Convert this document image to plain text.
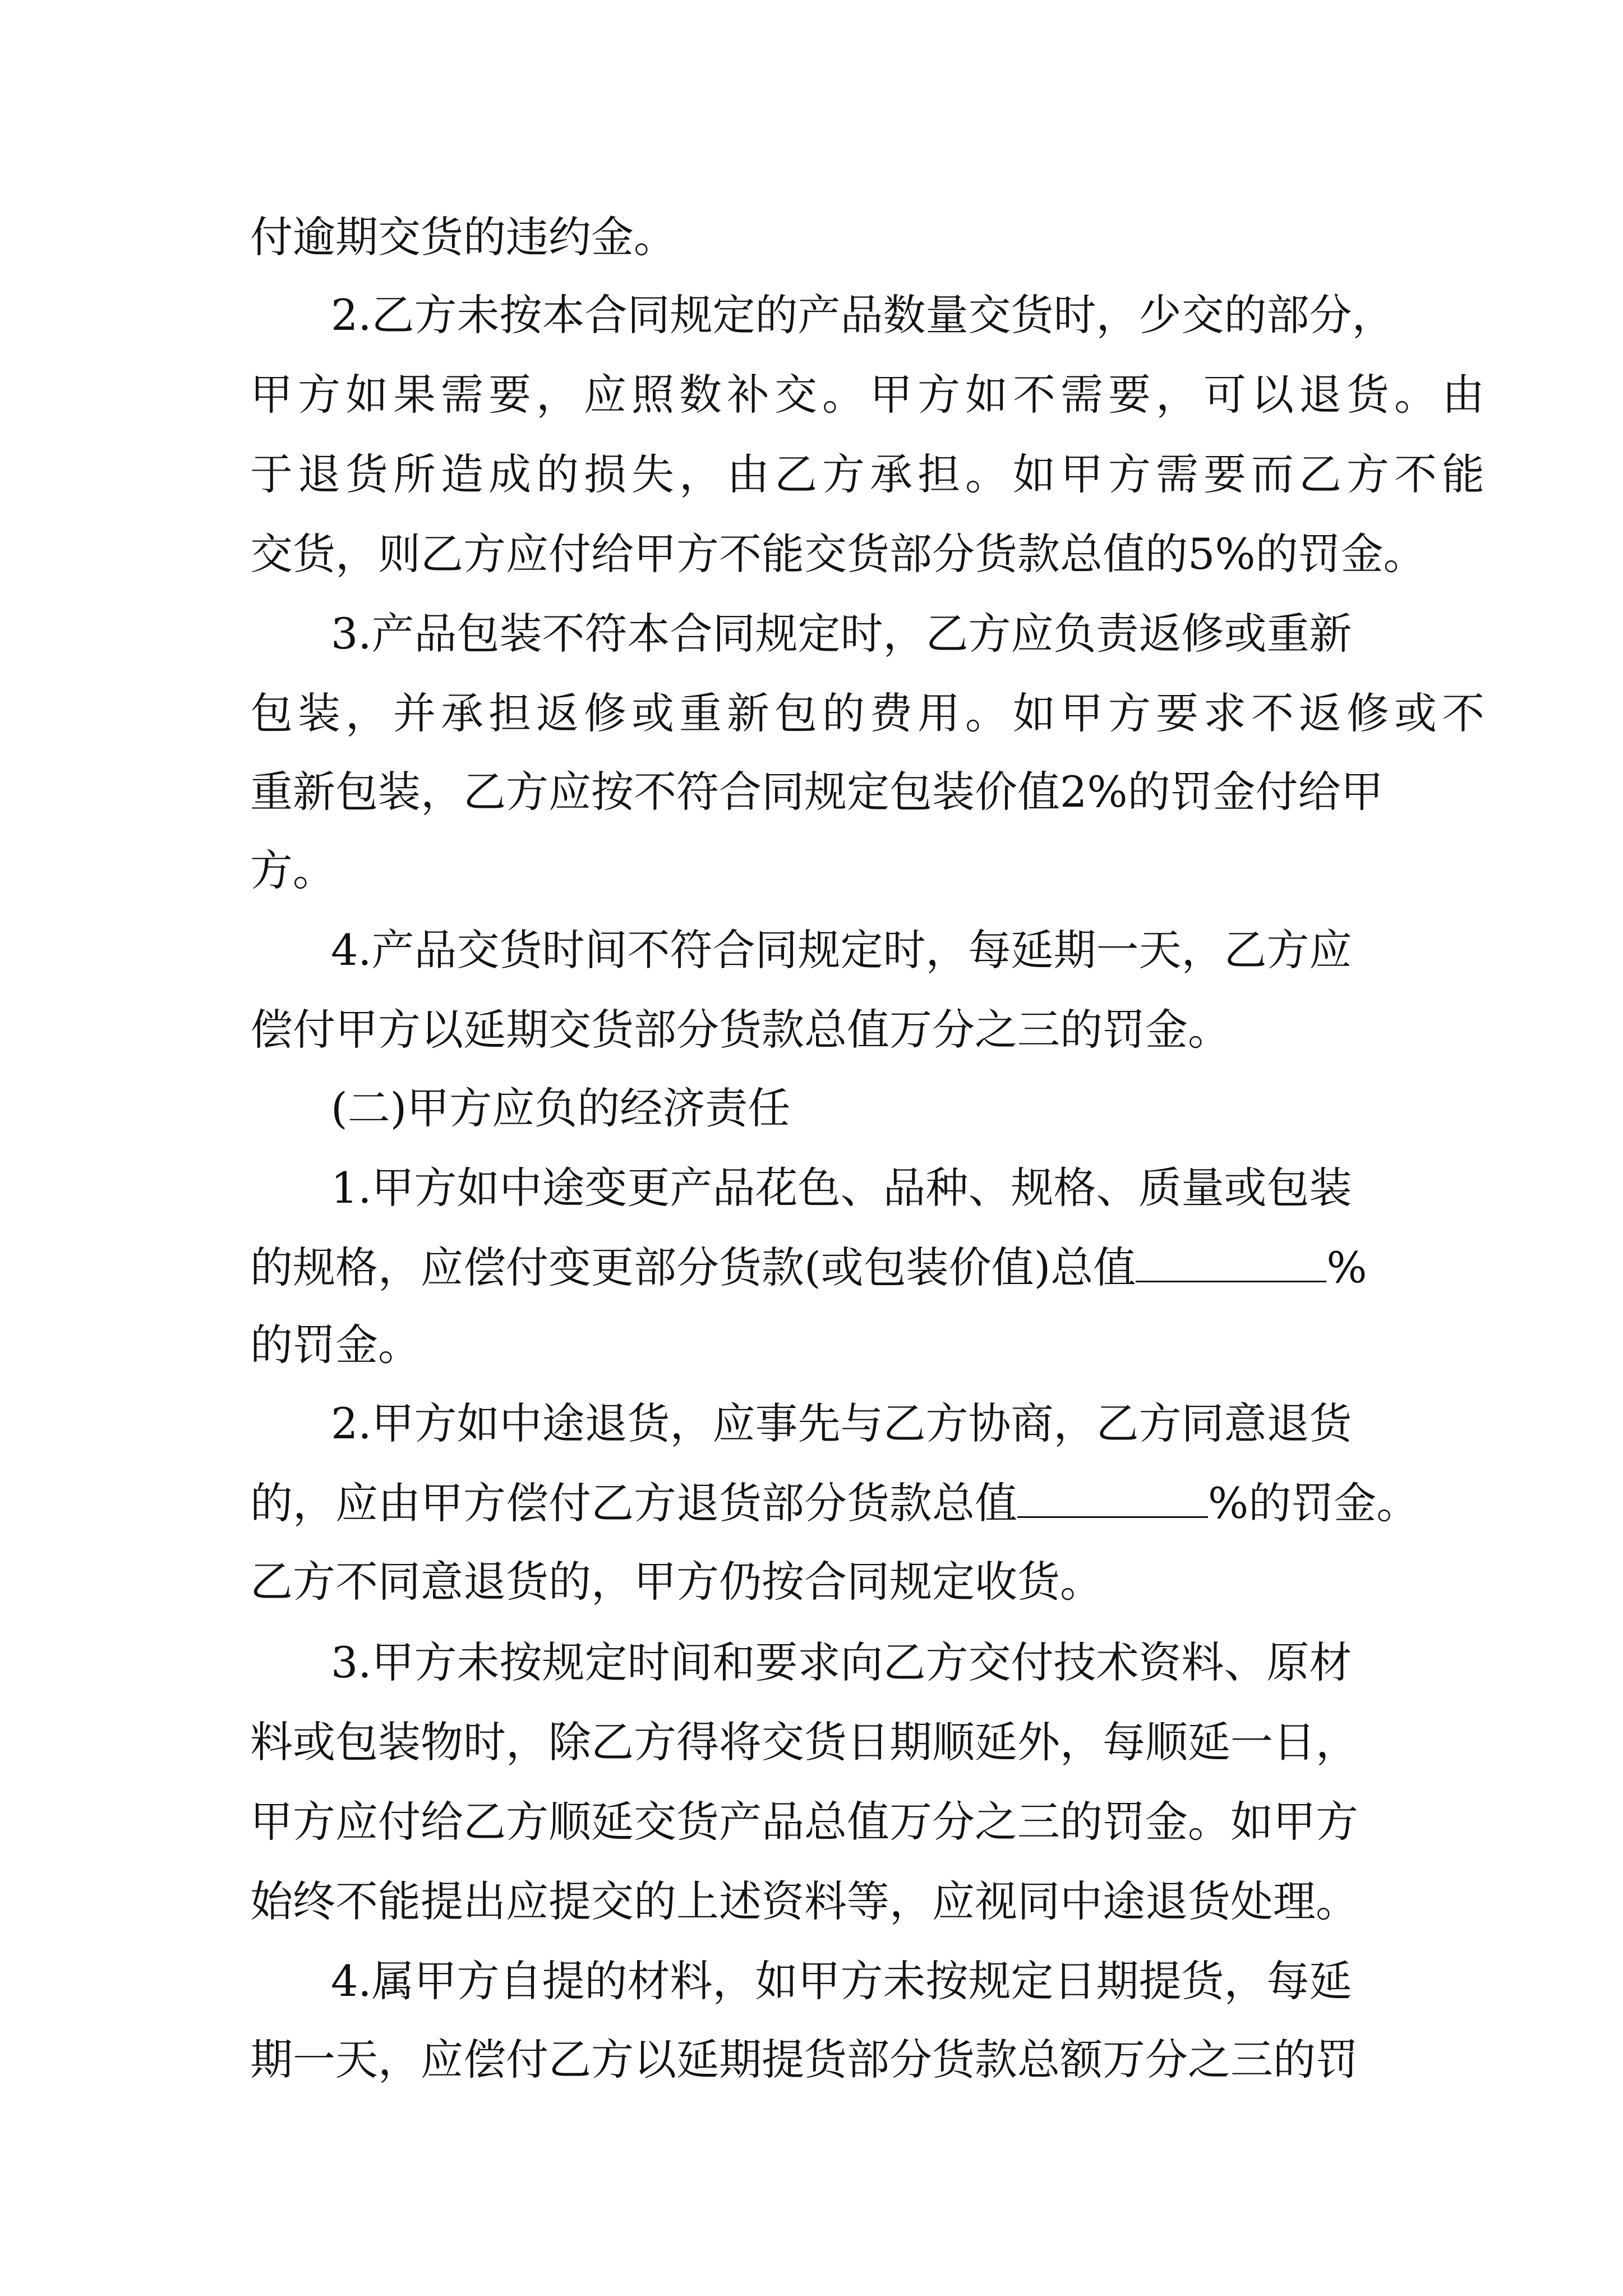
付逾期交货的违约金。
2.乙方未按本合同规定的产品数量交货时，少交的部分，
甲方如果需要，应照数补交。甲方如不需要，可以退货。由
于退货所造成的损失，由乙方承担。如甲方需要而乙方不能
交货，则乙方应付给甲方不能交货部分货款总值的5%的罚金。
3.产品包装不符本合同规定时，乙方应负责返修或重新
包装，并承担返修或重新包的费用。如甲方要求不返修或不
重新包装，乙方应按不符合同规定包装价值2%的罚金付给甲
方。
4.产品交货时间不符合同规定时，每延期一天，乙方应
偿付甲方以延期交货部分货款总值万分之三的罚金。
(二)甲方应负的经济责任
1.甲方如中途变更产品花色、品种、规格、质量或包装
的规格，应偿付变更部分货款(或包装价值)总值	%
的罚金。
2.甲方如中途退货，应事先与乙方协商，乙方同意退货
的，应由甲方偿付乙方退货部分货款总值	%的罚金。
乙方不同意退货的，甲方仍按合同规定收货。
3.甲方未按规定时间和要求向乙方交付技术资料、原材
料或包装物时，除乙方得将交货日期顺延外，每顺延一日，
甲方应付给乙方顺延交货产品总值万分之三的罚金。如甲方
始终不能提出应提交的上述资料等，应视同中途退货处理。
4.属甲方自提的材料，如甲方未按规定日期提货，每延
期一天，应偿付乙方以延期提货部分货款总额万分之三的罚
